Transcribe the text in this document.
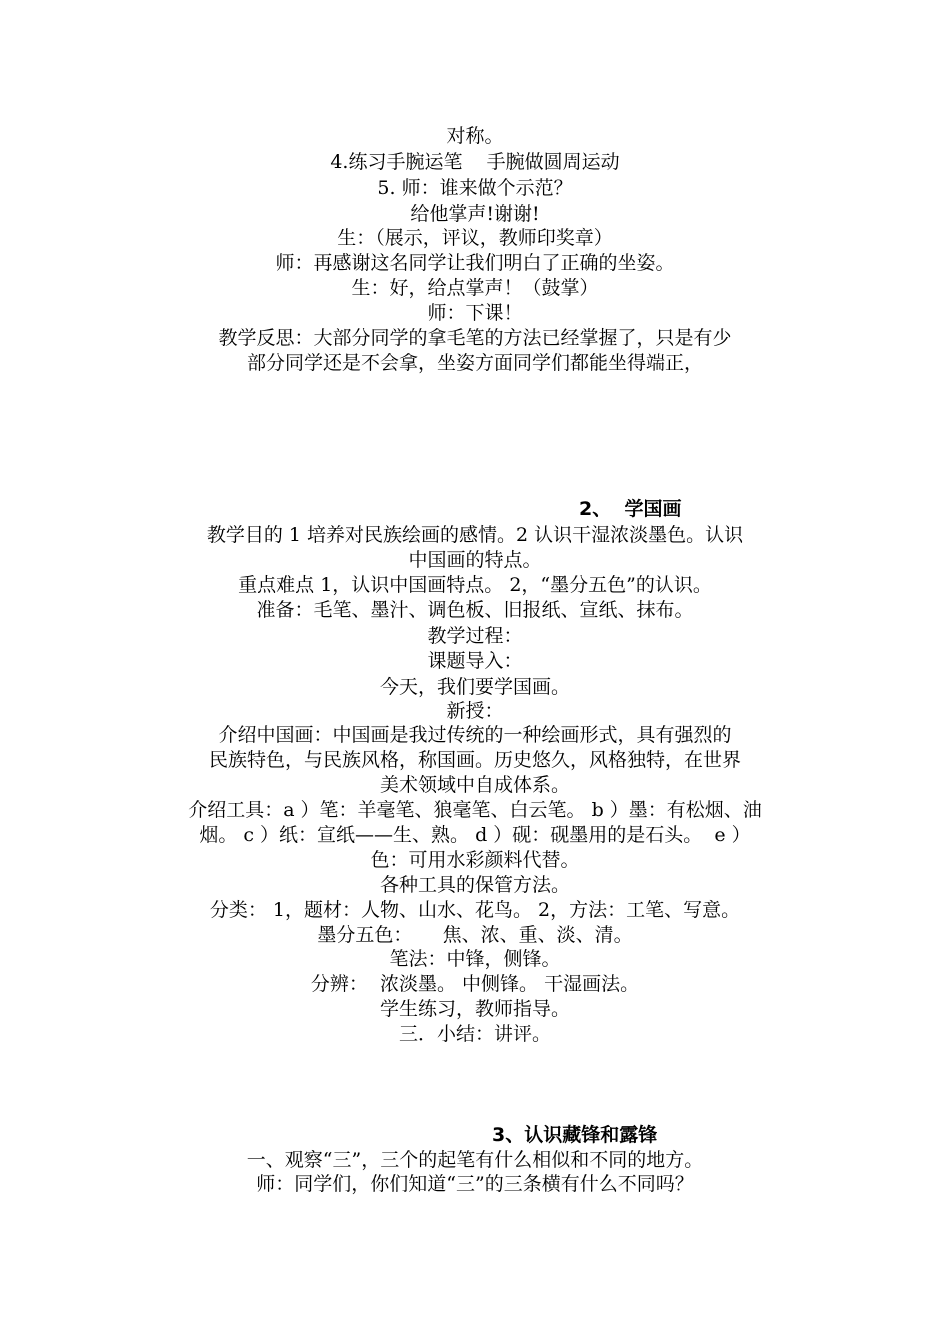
对称。
4.练习手腕运笔    手腕做圆周运动
5. 师：谁来做个示范？
给他掌声!谢谢!
生：（展示，评议，教师印奖章）
师：再感谢这名同学让我们明白了正确的坐姿。
生：好，给点掌声！（鼓掌）
师：下课！
教学反思：大部分同学的拿毛笔的方法已经掌握了，只是有少
部分同学还是不会拿，坐姿方面同学们都能坐得端正，
2、  学国画
教学目的 1 培养对民族绘画的感情。2 认识干湿浓淡墨色。认识
中国画的特点。
重点难点 1，认识中国画特点。 2，“墨分五色”的认识。
准备：毛笔、墨汁、调色板、旧报纸、宣纸、抹布。
教学过程：
课题导入：
今天，我们要学国画。
新授：
介绍中国画：中国画是我过传统的一种绘画形式，具有强烈的
民族特色，与民族风格，称国画。历史悠久，风格独特，在世界
美术领域中自成体系。
介绍工具：a ）笔：羊毫笔、狼毫笔、白云笔。 b ）墨：有松烟、油
烟。 c ）纸：宣纸——生、熟。 d ）砚：砚墨用的是石头。  e ）
色：可用水彩颜料代替。
各种工具的保管方法。
分类： 1，题材：人物、山水、花鸟。 2，方法：工笔、写意。
墨分五色：     焦、浓、重、淡、清。
笔法：中锋，侧锋。
分辨：  浓淡墨。 中侧锋。 干湿画法。
学生练习，教师指导。
三．小结：讲评。
3、认识藏锋和露锋
一、观察“三”，三个的起笔有什么相似和不同的地方。
师：同学们，你们知道“三”的三条横有什么不同吗？
